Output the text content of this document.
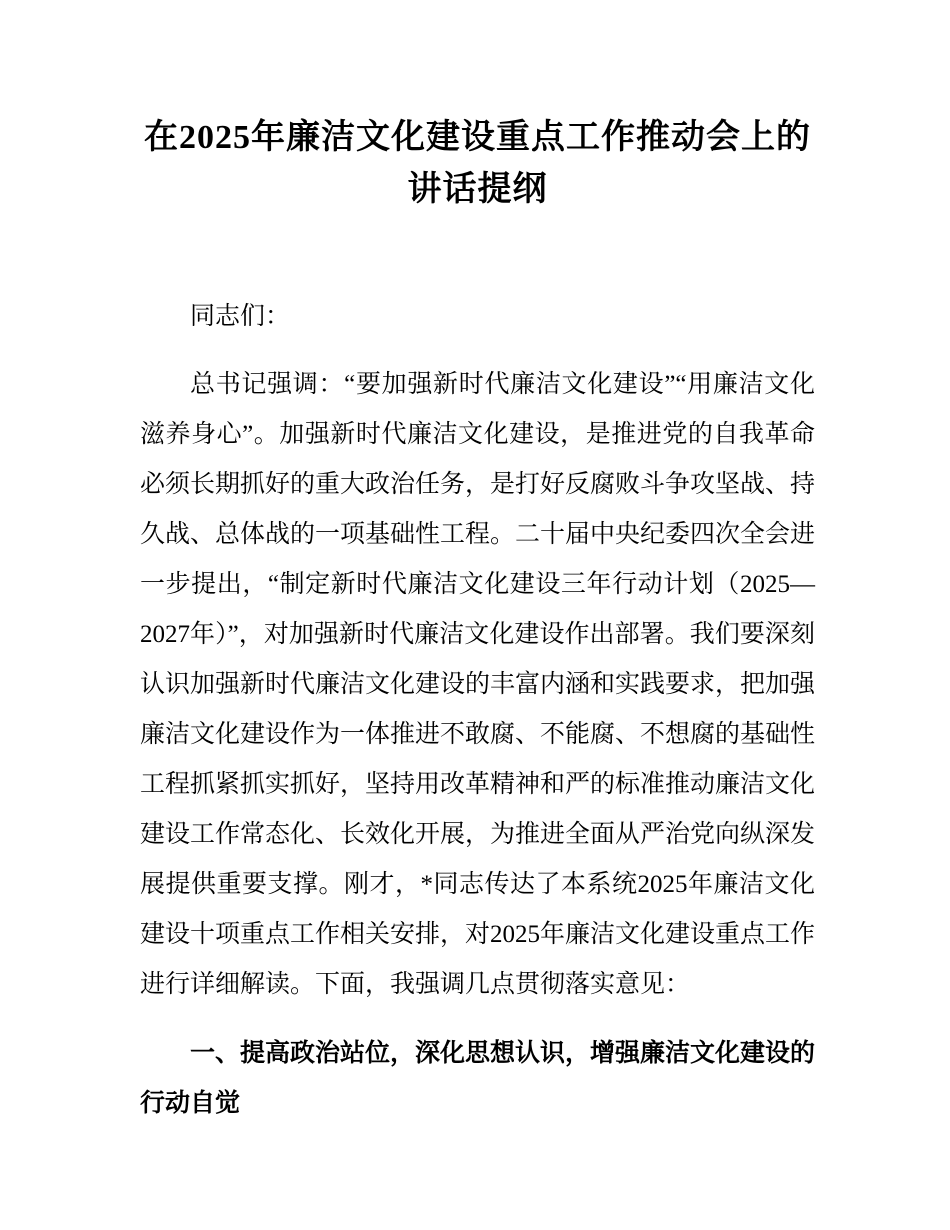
在2025年廉洁文化建设重点工作推动会上的讲话提纲

同志们：

总书记强调：“要加强新时代廉洁文化建设”“用廉洁文化滋养身心”。加强新时代廉洁文化建设，是推进党的自我革命必须长期抓好的重大政治任务，是打好反腐败斗争攻坚战、持久战、总体战的一项基础性工程。二十届中央纪委四次全会进一步提出，“制定新时代廉洁文化建设三年行动计划（2025—2027年）”，对加强新时代廉洁文化建设作出部署。我们要深刻认识加强新时代廉洁文化建设的丰富内涵和实践要求，把加强廉洁文化建设作为一体推进不敢腐、不能腐、不想腐的基础性工程抓紧抓实抓好，坚持用改革精神和严的标准推动廉洁文化建设工作常态化、长效化开展，为推进全面从严治党向纵深发展提供重要支撑。刚才，*同志传达了本系统2025年廉洁文化建设十项重点工作相关安排，对2025年廉洁文化建设重点工作进行详细解读。下面，我强调几点贯彻落实意见：

一、提高政治站位，深化思想认识，增强廉洁文化建设的行动自觉
